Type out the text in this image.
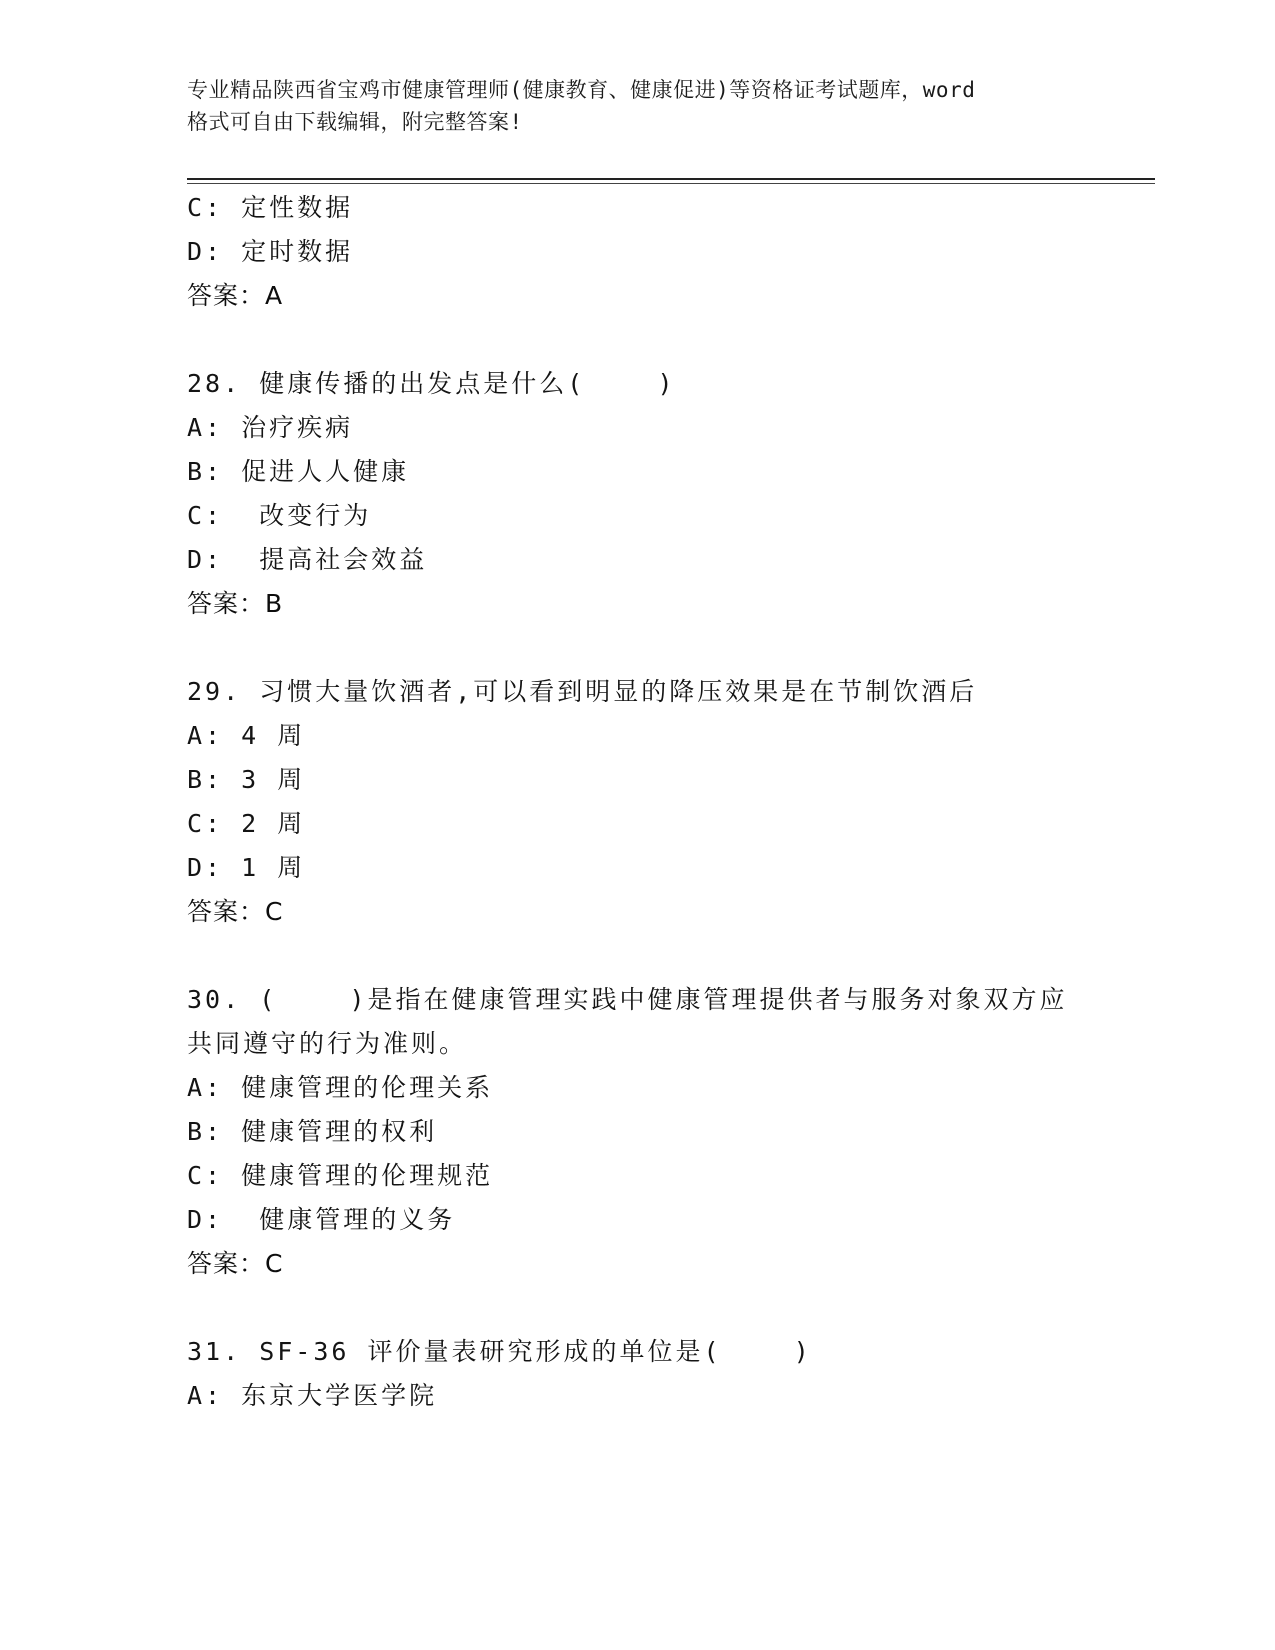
专业精品陕西省宝鸡市健康管理师(健康教育、健康促进)等资格证考试题库，word
格式可自由下载编辑，附完整答案!
C: 定性数据
D: 定时数据
答案：A
28. 健康传播的出发点是什么(    )
A: 治疗疾病
B: 促进人人健康
C:  改变行为
D:  提高社会效益
答案：B
29. 习惯大量饮酒者,可以看到明显的降压效果是在节制饮酒后
A: 4 周
B: 3 周
C: 2 周
D: 1 周
答案：C
30. (    )是指在健康管理实践中健康管理提供者与服务对象双方应
共同遵守的行为准则。
A: 健康管理的伦理关系
B: 健康管理的权利
C: 健康管理的伦理规范
D:  健康管理的义务
答案：C
31. SF-36 评价量表研究形成的单位是(    )
A: 东京大学医学院
